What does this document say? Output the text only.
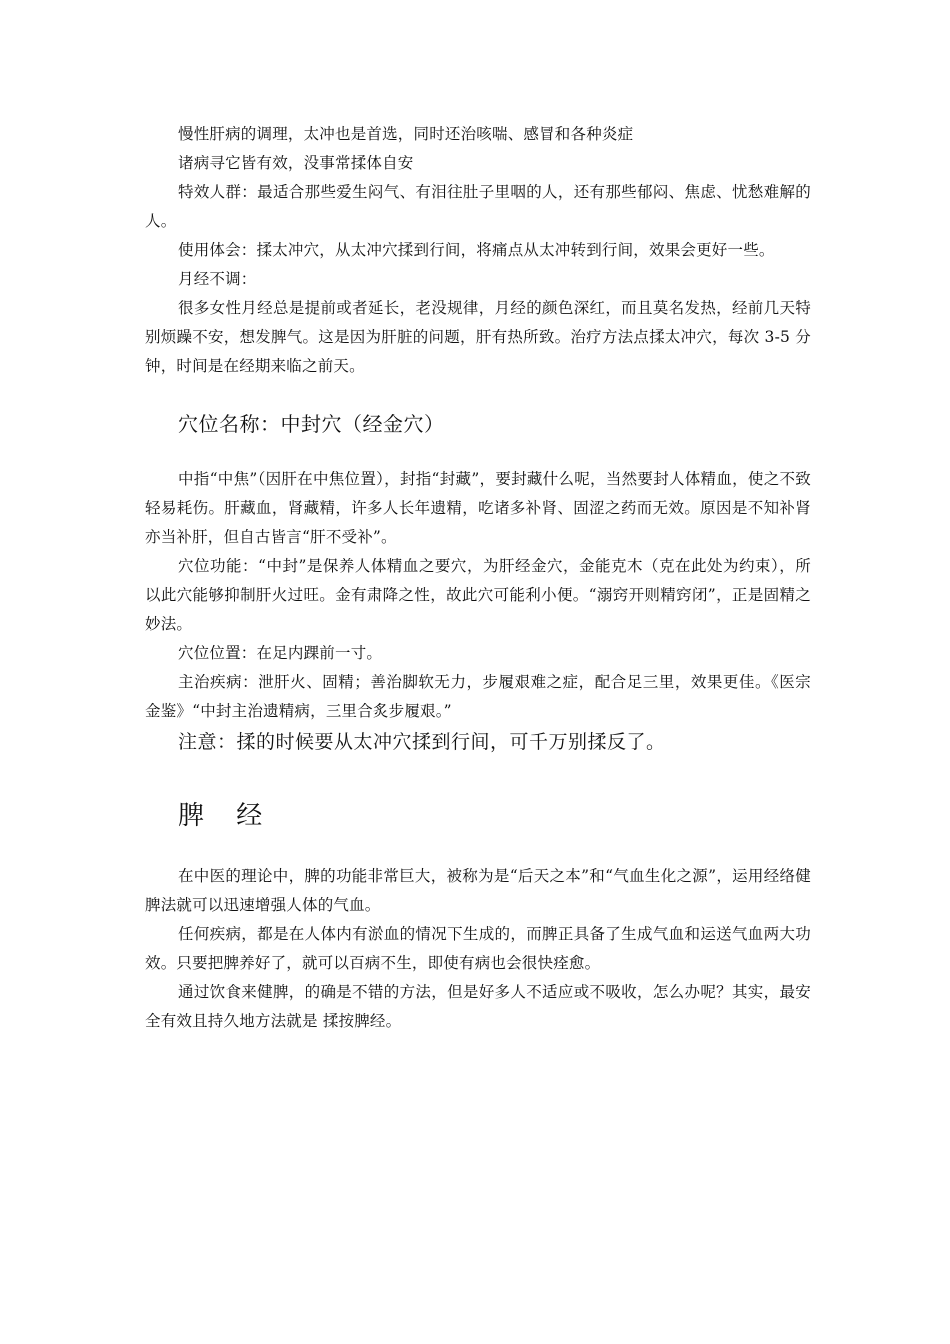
慢性肝病的调理，太冲也是首选，同时还治咳喘、感冒和各种炎症

诸病寻它皆有效，没事常揉体自安

特效人群：最适合那些爱生闷气、有泪往肚子里咽的人，还有那些郁闷、焦虑、忧愁难解的人。

使用体会：揉太冲穴，从太冲穴揉到行间，将痛点从太冲转到行间，效果会更好一些。

月经不调：

很多女性月经总是提前或者延长，老没规律，月经的颜色深红，而且莫名发热，经前几天特别烦躁不安，想发脾气。这是因为肝脏的问题，肝有热所致。治疗方法点揉太冲穴，每次 3-5 分钟，时间是在经期来临之前天。

穴位名称：中封穴（经金穴）

中指“中焦”（因肝在中焦位置），封指“封藏”，要封藏什么呢，当然要封人体精血，使之不致轻易耗伤。肝藏血，肾藏精，许多人长年遗精，吃诸多补肾、固涩之药而无效。原因是不知补肾亦当补肝，但自古皆言“肝不受补”。

穴位功能：“中封”是保养人体精血之要穴，为肝经金穴，金能克木（克在此处为约束），所以此穴能够抑制肝火过旺。金有肃降之性，故此穴可能利小便。“溺窍开则精窍闭”，正是固精之妙法。

穴位位置：在足内踝前一寸。

主治疾病：泄肝火、固精；善治脚软无力，步履艰难之症，配合足三里，效果更佳。《医宗金鉴》“中封主治遗精病，三里合炙步履艰。”

注意：揉的时候要从太冲穴揉到行间，可千万别揉反了。

脾 经

在中医的理论中，脾的功能非常巨大，被称为是“后天之本”和“气血生化之源”，运用经络健脾法就可以迅速增强人体的气血。

任何疾病，都是在人体内有淤血的情况下生成的，而脾正具备了生成气血和运送气血两大功效。只要把脾养好了，就可以百病不生，即使有病也会很快痊愈。

通过饮食来健脾，的确是不错的方法，但是好多人不适应或不吸收，怎么办呢？其实，最安全有效且持久地方法就是 揉按脾经。
